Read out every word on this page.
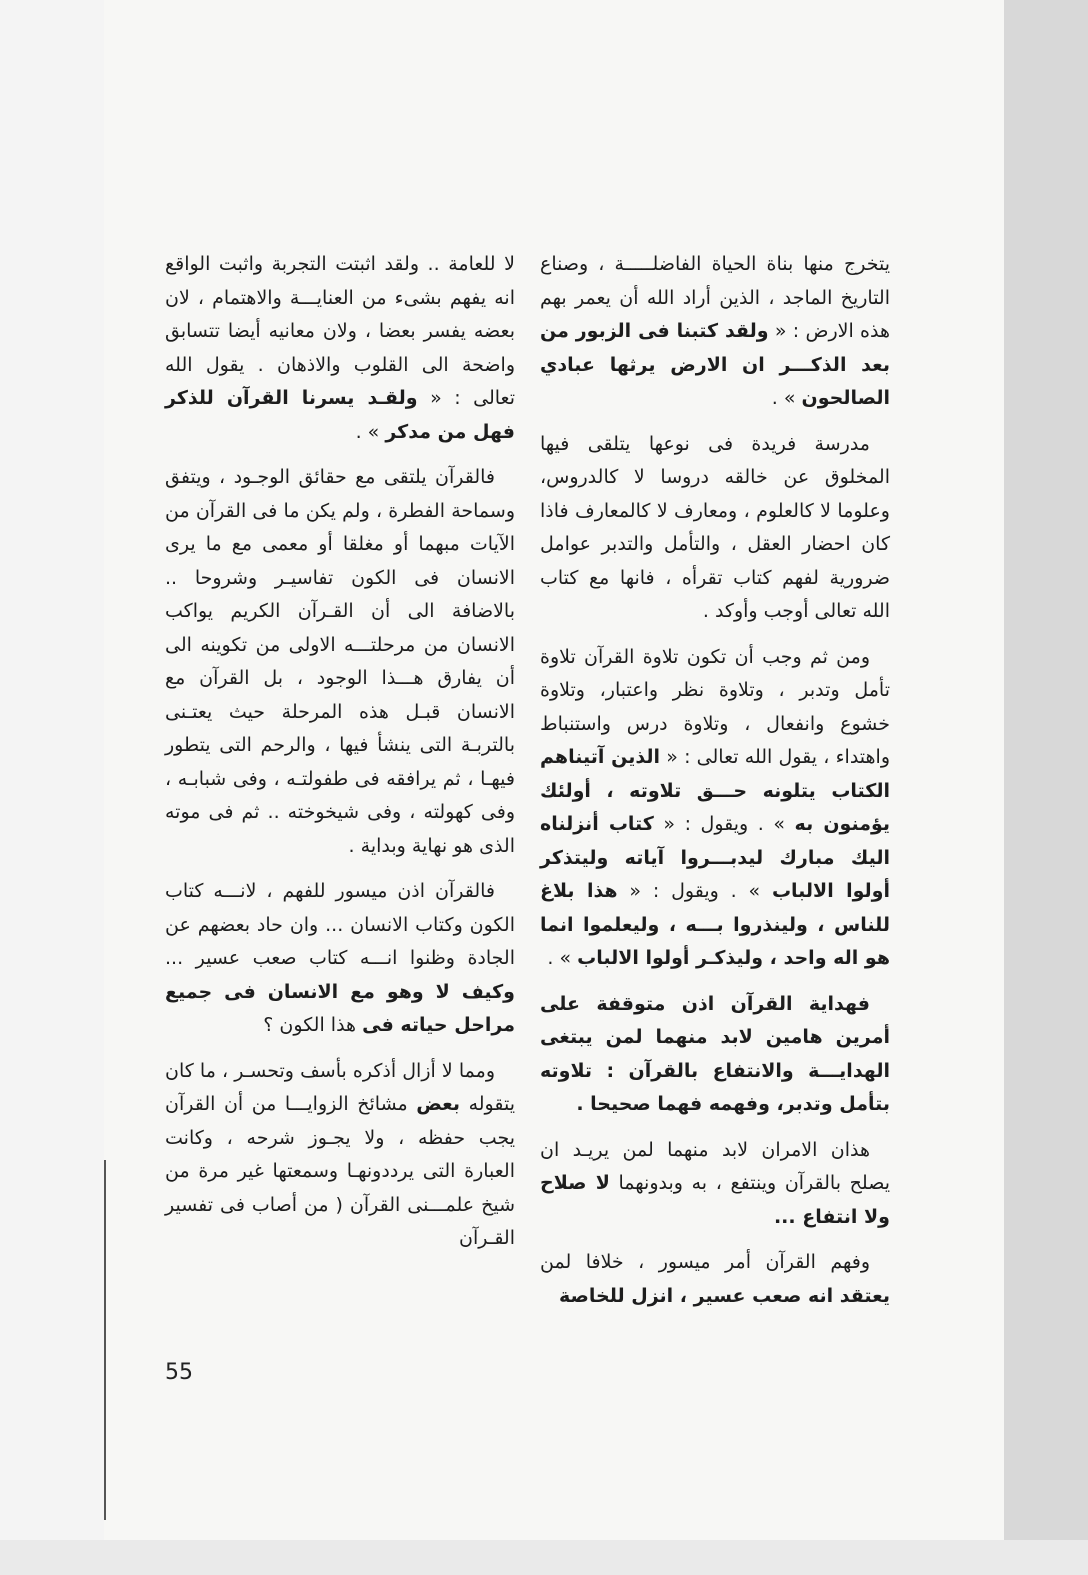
يتخرج منها بناة الحياة الفاضلـــــة ، وصناع التاريخ الماجد ، الذين أراد الله أن يعمر بهم هذه الارض : « ولقد كتبنا فى الزبور من بعد الذكـــر ان الارض يرثها عبادي الصالحون » .

مدرسة فريدة فى نوعها يتلقى فيها المخلوق عن خالقه دروسا لا كالدروس، وعلوما لا كالعلوم ، ومعارف لا كالمعارف فاذا كان احضار العقل ، والتأمل والتدبر عوامل ضرورية لفهم كتاب تقرأه ، فانها مع كتاب الله تعالى أوجب وأوكد .

ومن ثم وجب أن تكون تلاوة القرآن تلاوة تأمل وتدبر ، وتلاوة نظر واعتبار، وتلاوة خشوع وانفعال ، وتلاوة درس واستنباط واهتداء ، يقول الله تعالى : « الذين آتيناهم الكتاب يتلونه حـــق تلاوته ، أولئك يؤمنون به » . ويقول : « كتاب أنزلناه اليك مبارك ليدبـــروا آياته وليتذكر أولوا الالباب » . ويقول : « هذا بلاغ للناس ، ولينذروا بـــه ، وليعلموا انما هو اله واحد ، وليذكـر أولوا الالباب » .

فهداية القرآن اذن متوقفة على أمرين هامين لابد منهما لمن يبتغى الهدايـــة والانتفاع بالقرآن : تلاوته بتأمل وتدبر، وفهمه فهما صحيحا .

هذان الامران لابد منهما لمن يريـد ان يصلح بالقرآن وينتفع ، به وبدونهما لا صلاح ولا انتفاع ...

وفهم القرآن أمر ميسور ، خلافا لمن يعتقد انه صعب عسير ، انزل للخاصة

لا للعامة .. ولقد اثبتت التجربة واثبت الواقع انه يفهم بشىء من العنايـــة والاهتمام ، لان بعضه يفسر بعضا ، ولان معانيه أيضا تتسابق واضحة الى القلوب والاذهان . يقول الله تعالى : « ولقـد يسرنا القرآن للذكر فهل من مدكر » .

فالقرآن يلتقى مع حقائق الوجـود ، ويتفق وسماحة الفطرة ، ولم يكن ما فى القرآن من الآيات مبهما أو مغلقا أو معمى مع ما يرى الانسان فى الكون تفاسيـر وشروحا .. بالاضافة الى أن القـرآن الكريم يواكب الانسان من مرحلتـــه الاولى من تكوينه الى أن يفارق هـــذا الوجود ، بل القرآن مع الانسان قبـل هذه المرحلة حيث يعتـنى بالتربـة التى ينشأ فيها ، والرحم التى يتطور فيهـا ، ثم يرافقه فى طفولتـه ، وفى شبابـه ، وفى كهولته ، وفى شيخوخته .. ثم فى موته الذى هو نهاية وبداية .

فالقرآن اذن ميسور للفهم ، لانـــه كتاب الكون وكتاب الانسان ... وان حاد بعضهم عن الجادة وظنوا انـــه كتاب صعب عسير ... وكيف لا وهو مع الانسان فى جميع مراحل حياته فى هذا الكون ؟

ومما لا أزال أذكره بأسف وتحسـر ، ما كان يتقوله بعض مشائخ الزوايـــا من أن القرآن يجب حفظه ، ولا يجـوز شرحه ، وكانت العبارة التى يرددونهـا وسمعتها غير مرة من شيخ علمـــنى القرآن ( من أصاب فى تفسير القـرآن

55
